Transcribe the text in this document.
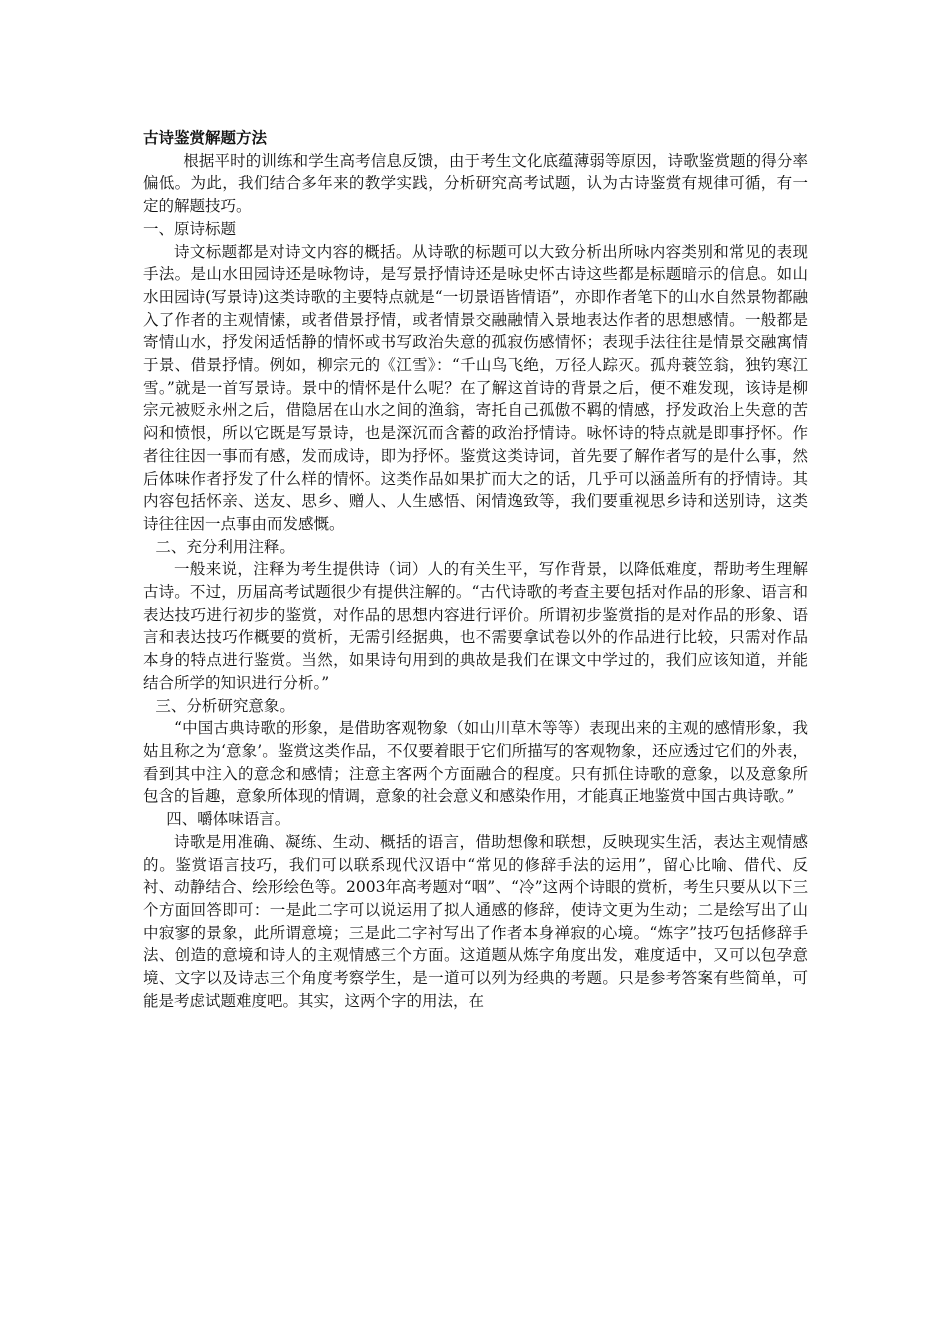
古诗鉴赏解题方法

根据平时的训练和学生高考信息反馈，由于考生文化底蕴薄弱等原因，诗歌鉴赏题的得分率偏低。为此，我们结合多年来的教学实践，分析研究高考试题，认为古诗鉴赏有规律可循，有一定的解题技巧。

一、原诗标题

诗文标题都是对诗文内容的概括。从诗歌的标题可以大致分析出所咏内容类别和常见的表现手法。是山水田园诗还是咏物诗，是写景抒情诗还是咏史怀古诗这些都是标题暗示的信息。如山水田园诗(写景诗)这类诗歌的主要特点就是“一切景语皆情语”，亦即作者笔下的山水自然景物都融入了作者的主观情愫，或者借景抒情，或者情景交融融情入景地表达作者的思想感情。一般都是寄情山水，抒发闲适恬静的情怀或书写政治失意的孤寂伤感情怀；表现手法往往是情景交融寓情于景、借景抒情。例如，柳宗元的《江雪》：“千山鸟飞绝，万径人踪灭。孤舟蓑笠翁，独钓寒江雪。”就是一首写景诗。景中的情怀是什么呢？在了解这首诗的背景之后，便不难发现，该诗是柳宗元被贬永州之后，借隐居在山水之间的渔翁，寄托自己孤傲不羁的情感，抒发政治上失意的苦闷和愤恨，所以它既是写景诗，也是深沉而含蓄的政治抒情诗。咏怀诗的特点就是即事抒怀。作者往往因一事而有感，发而成诗，即为抒怀。鉴赏这类诗词，首先要了解作者写的是什么事，然后体味作者抒发了什么样的情怀。这类作品如果扩而大之的话，几乎可以涵盖所有的抒情诗。其内容包括怀亲、送友、思乡、赠人、人生感悟、闲情逸致等，我们要重视思乡诗和送别诗，这类诗往往因一点事由而发感慨。

二、充分利用注释。

一般来说，注释为考生提供诗（词）人的有关生平，写作背景，以降低难度，帮助考生理解古诗。不过，历届高考试题很少有提供注解的。“古代诗歌的考查主要包括对作品的形象、语言和表达技巧进行初步的鉴赏，对作品的思想内容进行评价。所谓初步鉴赏指的是对作品的形象、语言和表达技巧作概要的赏析，无需引经据典，也不需要拿试卷以外的作品进行比较，只需对作品本身的特点进行鉴赏。当然，如果诗句用到的典故是我们在课文中学过的，我们应该知道，并能结合所学的知识进行分析。”

三、分析研究意象。

“中国古典诗歌的形象，是借助客观物象（如山川草木等等）表现出来的主观的感情形象，我姑且称之为‘意象’。鉴赏这类作品，不仅要着眼于它们所描写的客观物象，还应透过它们的外表，看到其中注入的意念和感情；注意主客两个方面融合的程度。只有抓住诗歌的意象，以及意象所包含的旨趣，意象所体现的情调，意象的社会意义和感染作用，才能真正地鉴赏中国古典诗歌。”

四、嚼体味语言。

诗歌是用准确、凝练、生动、概括的语言，借助想像和联想，反映现实生活，表达主观情感的。鉴赏语言技巧，我们可以联系现代汉语中“常见的修辞手法的运用”，留心比喻、借代、反衬、动静结合、绘形绘色等。2003年高考题对“咽”、“冷”这两个诗眼的赏析，考生只要从以下三个方面回答即可：一是此二字可以说运用了拟人通感的修辞，使诗文更为生动；二是绘写出了山中寂寥的景象，此所谓意境；三是此二字衬写出了作者本身禅寂的心境。“炼字”技巧包括修辞手法、创造的意境和诗人的主观情感三个方面。这道题从炼字角度出发，难度适中，又可以包孕意境、文字以及诗志三个角度考察学生，是一道可以列为经典的考题。只是参考答案有些简单，可能是考虑试题难度吧。其实，这两个字的用法，在
